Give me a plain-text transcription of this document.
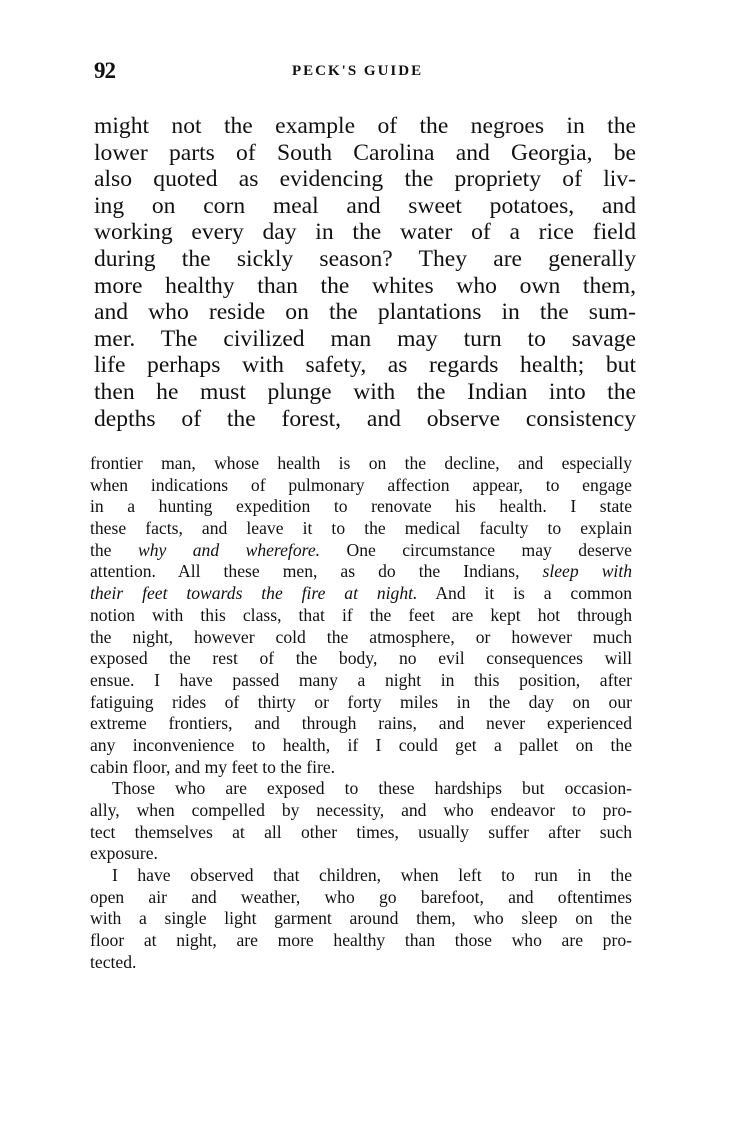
92	PECK'S GUIDE
might not the example of the negroes in the
lower parts of South Carolina and Georgia, be
also quoted as evidencing the propriety of liv-
ing on corn meal and sweet potatoes, and
working every day in the water of a rice field
during the sickly season? They are generally
more healthy than the whites who own them,
and who reside on the plantations in the sum-
mer. The civilized man may turn to savage
life perhaps with safety, as regards health; but
then he must plunge with the Indian into the
depths of the forest, and observe consistency
frontier man, whose health is on the decline, and especially
when indications of pulmonary affection appear, to engage
in a hunting expedition to renovate his health. I state
these facts, and leave it to the medical faculty to explain
the why and wherefore. One circumstance may deserve
attention. All these men, as do the Indians, sleep with
their feet towards the fire at night. And it is a common
notion with this class, that if the feet are kept hot through
the night, however cold the atmosphere, or however much
exposed the rest of the body, no evil consequences will
ensue. I have passed many a night in this position, after
fatiguing rides of thirty or forty miles in the day on our
extreme frontiers, and through rains, and never experienced
any inconvenience to health, if I could get a pallet on the
cabin floor, and my feet to the fire.
Those who are exposed to these hardships but occasion-
ally, when compelled by necessity, and who endeavor to pro-
tect themselves at all other times, usually suffer after such
exposure.
I have observed that children, when left to run in the
open air and weather, who go barefoot, and oftentimes
with a single light garment around them, who sleep on the
floor at night, are more healthy than those who are pro-
tected.
